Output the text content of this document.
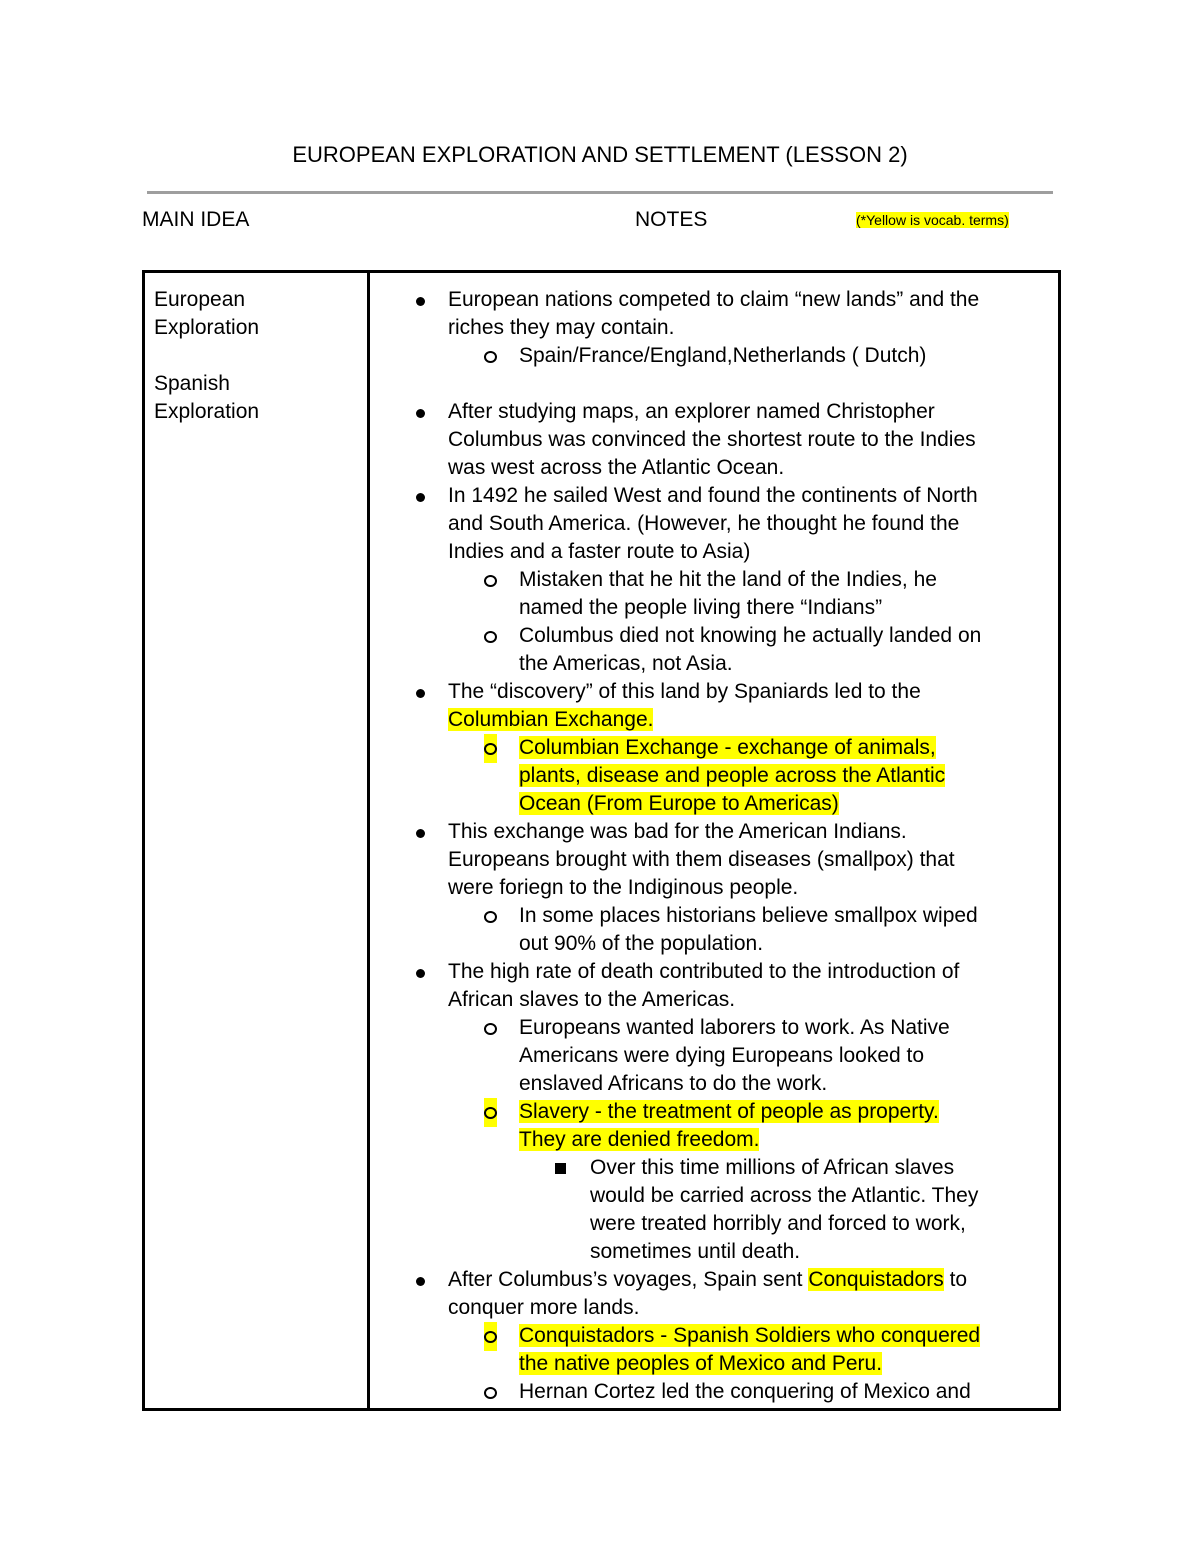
EUROPEAN EXPLORATION AND SETTLEMENT (LESSON 2)
MAIN IDEA	NOTES	(*Yellow is vocab. terms)
European
Exploration
Spanish
Exploration
European nations competed to claim “new lands” and the
riches they may contain.
Spain/France/England,Netherlands ( Dutch)
After studying maps, an explorer named Christopher
Columbus was convinced the shortest route to the Indies
was west across the Atlantic Ocean.
In 1492 he sailed West and found the continents of North
and South America. (However, he thought he found the
Indies and a faster route to Asia)
Mistaken that he hit the land of the Indies, he
named the people living there “Indians”
Columbus died not knowing he actually landed on
the Americas, not Asia.
The “discovery” of this land by Spaniards led to the
Columbian Exchange.
Columbian Exchange - exchange of animals,
plants, disease and people across the Atlantic
Ocean (From Europe to Americas)
This exchange was bad for the American Indians.
Europeans brought with them diseases (smallpox) that
were foriegn to the Indiginous people.
In some places historians believe smallpox wiped
out 90% of the population.
The high rate of death contributed to the introduction of
African slaves to the Americas.
Europeans wanted laborers to work. As Native
Americans were dying Europeans looked to
enslaved Africans to do the work.
Slavery - the treatment of people as property.
They are denied freedom.
Over this time millions of African slaves
would be carried across the Atlantic. They
were treated horribly and forced to work,
sometimes until death.
After Columbus’s voyages, Spain sent Conquistadors to
conquer more lands.
Conquistadors - Spanish Soldiers who conquered
the native peoples of Mexico and Peru.
Hernan Cortez led the conquering of Mexico and
